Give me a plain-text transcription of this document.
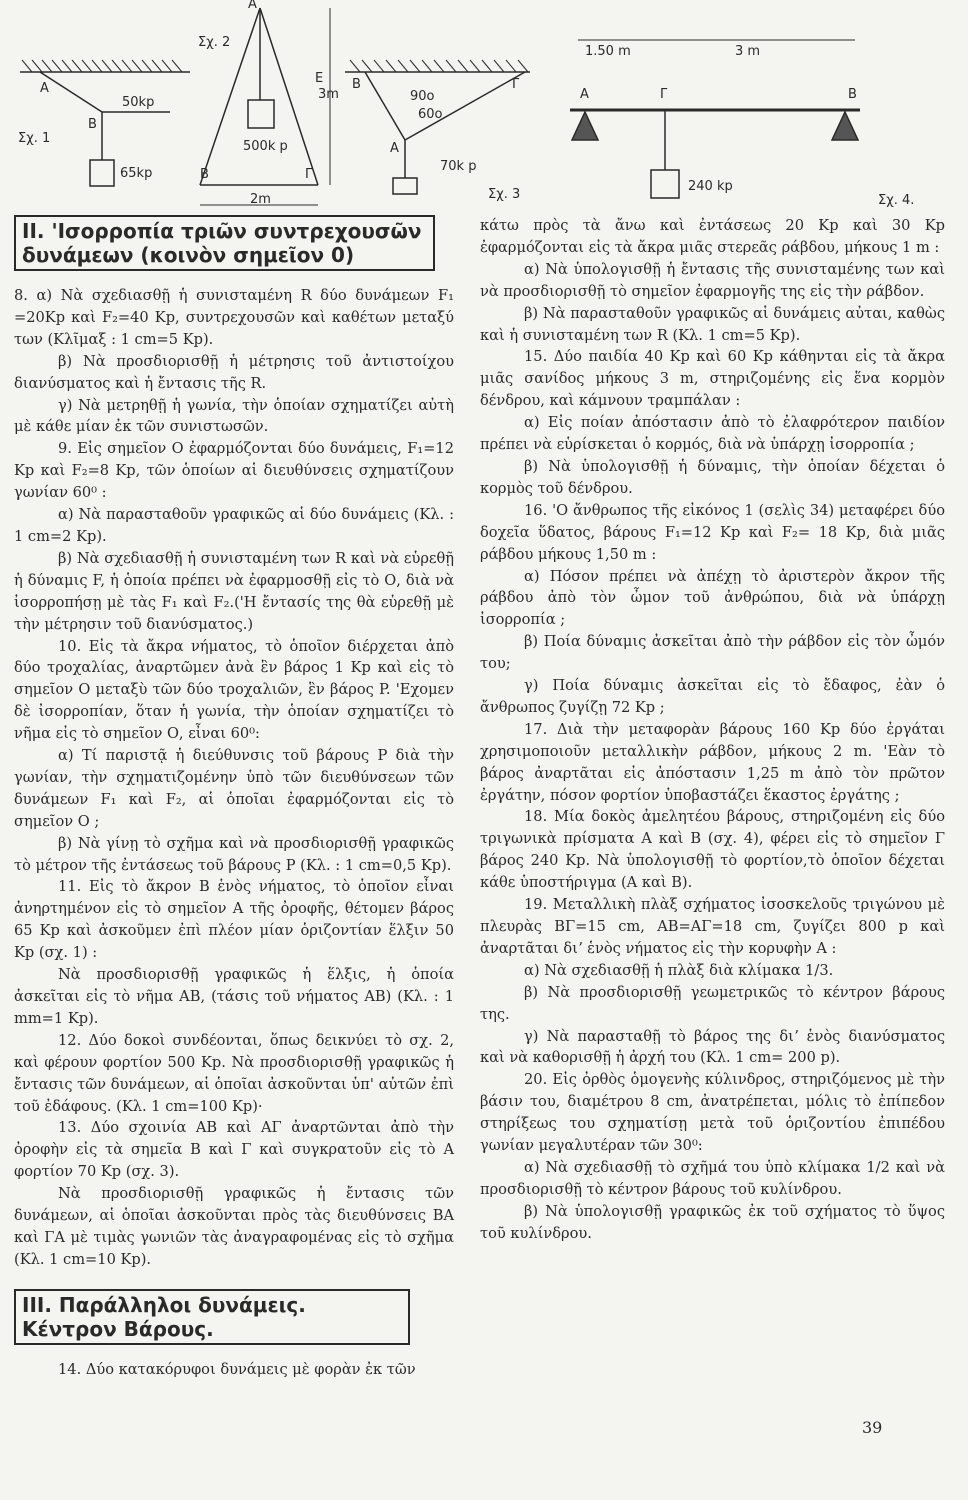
Σχ. 1
A
B
50kp
65kp
Σχ. 2
A
E
3m
500k p
B	Γ
2m
B
90o
60o
A
70k p
Γ
Σχ. 3
1.50 m	3 m
A	Γ	B
240 kp
Σχ. 4.
II. 'Ισορροπία τριῶν συντρεχουσῶν δυνάμεων (κοινὸν σημεῖον 0)

8. α) Νὰ σχεδιασθῇ ἡ συνισταμένη R δύο δυνάμεων F₁ =20Kp καὶ F₂=40 Kp, συντρεχουσῶν καὶ καθέτων μεταξύ των (Κλῖμαξ : 1 cm=5 Kp).

β) Νὰ προσδιορισθῇ ἡ μέτρησις τοῦ ἀντιστοίχου διανύσματος καὶ ἡ ἔντασις τῆς R.

γ) Νὰ μετρηθῇ ἡ γωνία, τὴν ὁποίαν σχηματίζει αὐτὴ μὲ κάθε μίαν ἐκ τῶν συνιστωσῶν.

9. Εἰς σημεῖον Ο ἐφαρμόζονται δύο δυνάμεις, F₁=12 Kp καὶ F₂=8 Kp, τῶν ὁποίων αἱ διευθύνσεις σχηματίζουν γωνίαν 60⁰ :

α) Νὰ παρασταθοῦν γραφικῶς αἱ δύο δυνάμεις (Κλ. : 1 cm=2 Kp).

β) Νὰ σχεδιασθῇ ἡ συνισταμένη των R καὶ νὰ εὑρεθῇ ἡ δύναμις F, ἡ ὁποία πρέπει νὰ ἐφαρμοσθῇ εἰς τὸ Ο, διὰ νὰ ἰσορροπήσῃ μὲ τὰς F₁ καὶ F₂.('Η ἔντασίς της θὰ εὑρεθῇ μὲ τὴν μέτρησιν τοῦ διανύσματος.)

10. Εἰς τὰ ἄκρα νήματος, τὸ ὁποῖον διέρχεται ἀπὸ δύο τροχαλίας, ἀναρτῶμεν ἀνὰ ἓν βάρος 1 Kp καὶ εἰς τὸ σημεῖον Ο μεταξὺ τῶν δύο τροχαλιῶν, ἓν βάρος P. 'Εχομεν δὲ ἰσορροπίαν, ὅταν ἡ γωνία, τὴν ὁποίαν σχηματίζει τὸ νῆμα εἰς τὸ σημεῖον Ο, εἶναι 60⁰:

α) Τί παριστᾷ ἡ διεύθυνσις τοῦ βάρους P διὰ τὴν γωνίαν, τὴν σχηματιζομένην ὑπὸ τῶν διευθύνσεων τῶν δυνάμεων F₁ καὶ F₂, αἱ ὁποῖαι ἐφαρμόζονται εἰς τὸ σημεῖον Ο ;

β) Νὰ γίνῃ τὸ σχῆμα καὶ νὰ προσδιορισθῇ γραφικῶς τὸ μέτρον τῆς ἐντάσεως τοῦ βάρους P (Κλ. : 1 cm=0,5 Kp).

11. Εἰς τὸ ἄκρον Β ἑνὸς νήματος, τὸ ὁποῖον εἶναι ἀνηρτημένον εἰς τὸ σημεῖον Α τῆς ὀροφῆς, θέτομεν βάρος 65 Kp καὶ ἀσκοῦμεν ἐπὶ πλέον μίαν ὁριζοντίαν ἕλξιν 50 Kp (σχ. 1) :

Νὰ προσδιορισθῇ γραφικῶς ἡ ἕλξις, ἡ ὁποία ἀσκεῖται εἰς τὸ νῆμα ΑΒ, (τάσις τοῦ νήματος ΑΒ) (Κλ. : 1 mm=1 Kp).

12. Δύο δοκοὶ συνδέονται, ὅπως δεικνύει τὸ σχ. 2, καὶ φέρουν φορτίον 500 Kp. Νὰ προσδιορισθῇ γραφικῶς ἡ ἔντασις τῶν δυνάμεων, αἱ ὁποῖαι ἀσκοῦνται ὑπ' αὐτῶν ἐπὶ τοῦ ἐδάφους. (Κλ. 1 cm=100 Kp)·

13. Δύο σχοινία ΑΒ καὶ ΑΓ ἀναρτῶνται ἀπὸ τὴν ὀροφὴν εἰς τὰ σημεῖα Β καὶ Γ καὶ συγκρατοῦν εἰς τὸ Α φορτίον 70 Kp (σχ. 3).

Νὰ προσδιορισθῇ γραφικῶς ἡ ἔντασις τῶν δυνάμεων, αἱ ὁποῖαι ἀσκοῦνται πρὸς τὰς διευθύνσεις ΒΑ καὶ ΓΑ μὲ τιμὰς γωνιῶν τὰς ἀναγραφομένας εἰς τὸ σχῆμα (Κλ. 1 cm=10 Kp).

III. Παράλληλοι δυνάμεις. Κέντρον Βάρους.

14. Δύο κατακόρυφοι δυνάμεις μὲ φορὰν ἐκ τῶν

κάτω πρὸς τὰ ἄνω καὶ ἐντάσεως 20 Kp καὶ 30 Kp ἐφαρμόζονται εἰς τὰ ἄκρα μιᾶς στερεᾶς ράβδου, μήκους 1 m :

α) Νὰ ὑπολογισθῇ ἡ ἔντασις τῆς συνισταμένης των καὶ νὰ προσδιορισθῇ τὸ σημεῖον ἐφαρμογῆς της εἰς τὴν ράβδον.

β) Νὰ παρασταθοῦν γραφικῶς αἱ δυνάμεις αὐται, καθὼς καὶ ἡ συνισταμένη των R (Κλ. 1 cm=5 Kp).

15. Δύο παιδία 40 Kp καὶ 60 Kp κάθηνται εἰς τὰ ἄκρα μιᾶς σανίδος μήκους 3 m, στηριζομένης εἰς ἕνα κορμὸν δένδρου, καὶ κάμνουν τραμπάλαν :

α) Εἰς ποίαν ἀπόστασιν ἀπὸ τὸ ἐλαφρότερον παιδίον πρέπει νὰ εὑρίσκεται ὁ κορμός, διὰ νὰ ὑπάρχῃ ἰσορροπία ;

β) Νὰ ὑπολογισθῇ ἡ δύναμις, τὴν ὁποίαν δέχεται ὁ κορμὸς τοῦ δένδρου.

16. 'Ο ἄνθρωπος τῆς εἰκόνος 1 (σελὶς 34) μεταφέρει δύο δοχεῖα ὕδατος, βάρους F₁=12 Kp καὶ F₂= 18 Kp, διὰ μιᾶς ράβδου μήκους 1,50 m :

α) Πόσον πρέπει νὰ ἀπέχῃ τὸ ἀριστερὸν ἄκρον τῆς ράβδου ἀπὸ τὸν ὦμον τοῦ ἀνθρώπου, διὰ νὰ ὑπάρχῃ ἰσορροπία ;

β) Ποία δύναμις ἀσκεῖται ἀπὸ τὴν ράβδον εἰς τὸν ὦμόν του;

γ) Ποία δύναμις ἀσκεῖται εἰς τὸ ἔδαφος, ἐὰν ὁ ἄνθρωπος ζυγίζῃ 72 Kp ;

17. Διὰ τὴν μεταφορὰν βάρους 160 Kp δύο ἐργάται χρησιμοποιοῦν μεταλλικὴν ράβδον, μήκους 2 m. 'Εὰν τὸ βάρος ἀναρτᾶται εἰς ἀπόστασιν 1,25 m ἀπὸ τὸν πρῶτον ἐργάτην, πόσον φορτίον ὑποβαστάζει ἕκαστος ἐργάτης ;

18. Μία δοκὸς ἀμελητέου βάρους, στηριζομένη εἰς δύο τριγωνικὰ πρίσματα Α καὶ Β (σχ. 4), φέρει εἰς τὸ σημεῖον Γ βάρος 240 Kp. Νὰ ὑπολογισθῇ τὸ φορτίον,τὸ ὁποῖον δέχεται κάθε ὑποστήριγμα (Α καὶ Β).

19. Μεταλλικὴ πλὰξ σχήματος ἰσοσκελοῦς τριγώνου μὲ πλευρὰς ΒΓ=15 cm, ΑΒ=ΑΓ=18 cm, ζυγίζει 800 p καὶ ἀναρτᾶται διʼ ἑνὸς νήματος εἰς τὴν κορυφὴν Α :

α) Νὰ σχεδιασθῇ ἡ πλὰξ διὰ κλίμακα 1/3.

β) Νὰ προσδιορισθῇ γεωμετρικῶς τὸ κέντρον βάρους της.

γ) Νὰ παρασταθῇ τὸ βάρος της διʼ ἑνὸς διανύσματος καὶ νὰ καθορισθῇ ἡ ἀρχή του (Κλ. 1 cm= 200 p).

20. Εἰς ὀρθὸς ὁμογενὴς κύλινδρος, στηριζόμενος μὲ τὴν βάσιν του, διαμέτρου 8 cm, ἀνατρέπεται, μόλις τὸ ἐπίπεδον στηρίξεως του σχηματίσῃ μετὰ τοῦ ὁριζοντίου ἐπιπέδου γωνίαν μεγαλυτέραν τῶν 30⁰:

α) Νὰ σχεδιασθῇ τὸ σχῆμά του ὑπὸ κλίμακα 1/2 καὶ νὰ προσδιορισθῇ τὸ κέντρον βάρους τοῦ κυλίνδρου.

β) Νὰ ὑπολογισθῇ γραφικῶς ἐκ τοῦ σχήματος τὸ ὕψος τοῦ κυλίνδρου.

39
